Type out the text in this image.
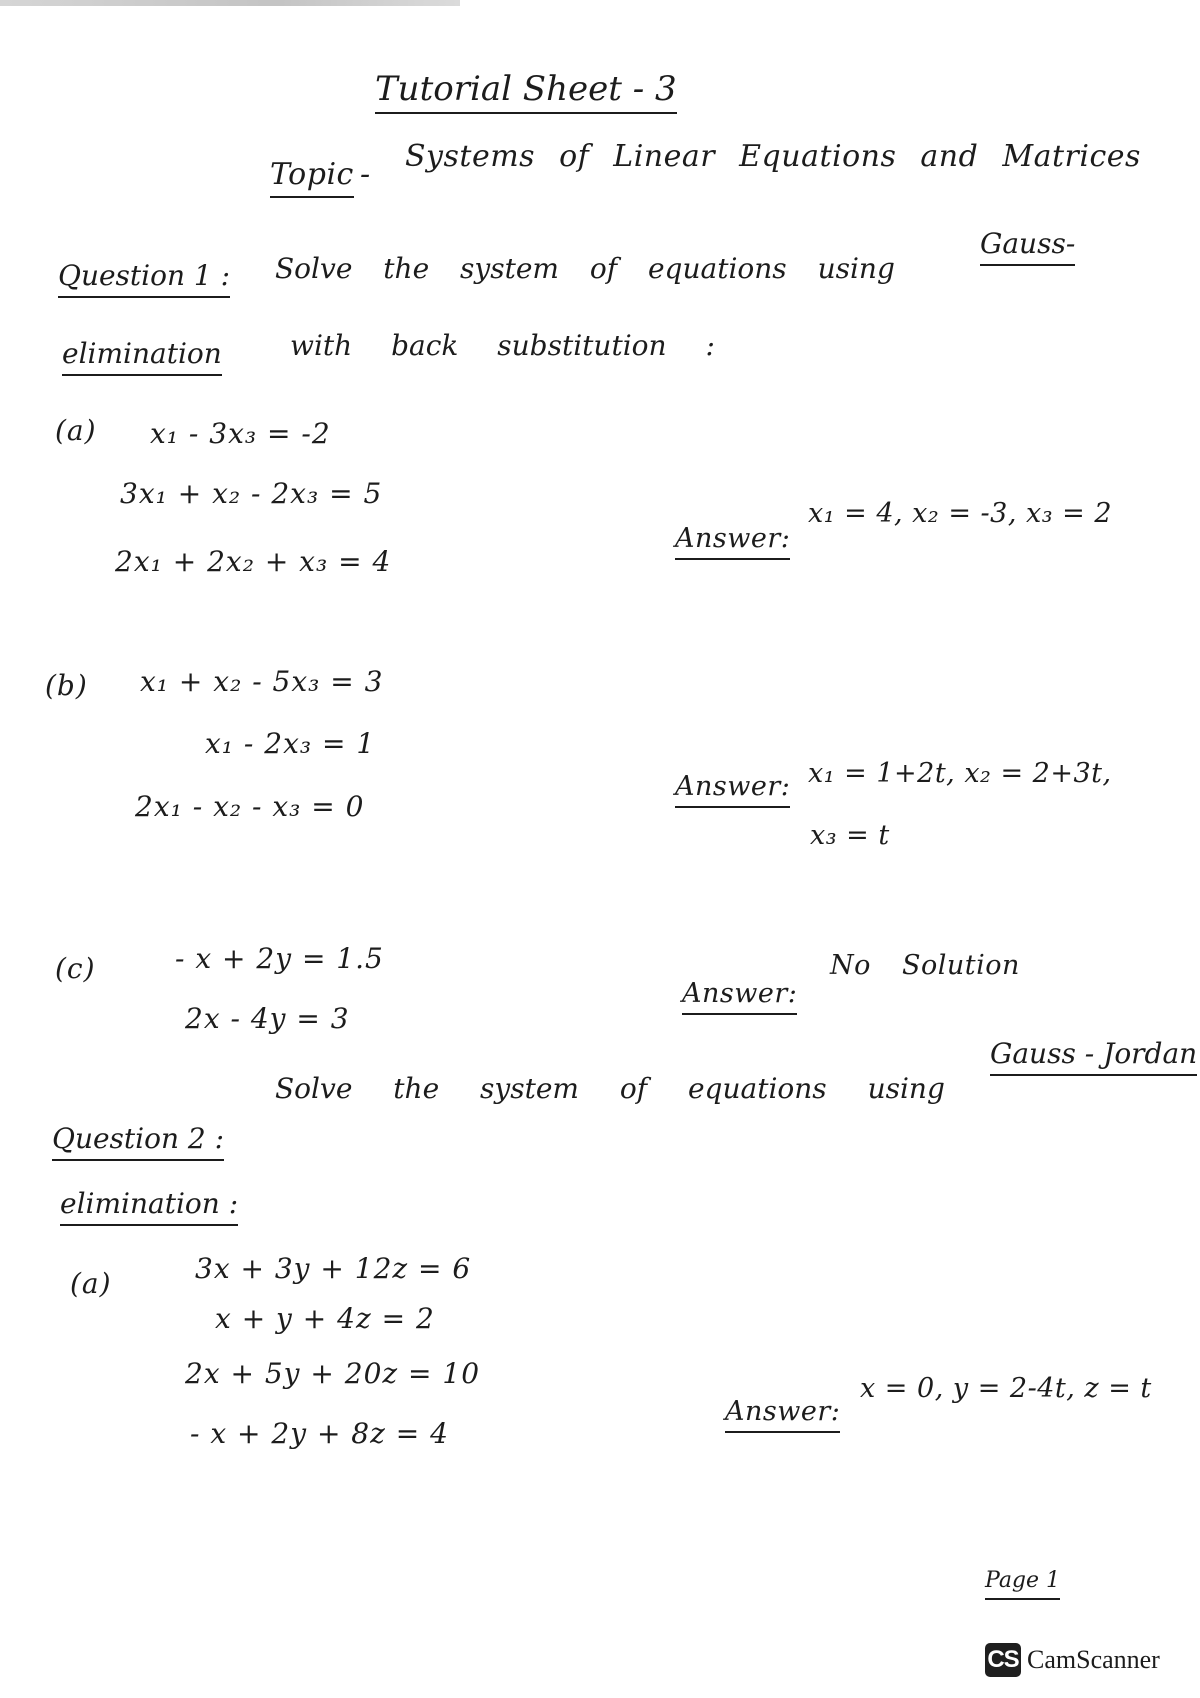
Tutorial Sheet - 3
Topic -
Systems of Linear Equations and Matrices
Question 1 : Solve the system of equations using
Gauss-
elimination with back substitution :
(a) x₁ - 3x₃ = -2
3x₁ + x₂ - 2x₃ = 5
2x₁ + 2x₂ + x₃ = 4
Answer:
x₁ = 4, x₂ = -3, x₃ = 2
(b) x₁ + x₂ - 5x₃ = 3
x₁ - 2x₃ = 1
2x₁ - x₂ - x₃ = 0
Answer: x₁ = 1+2t, x₂ = 2+3t,
x₃ = t
(c)	- x + 2y = 1.5
2x - 4y = 3
Answer:
No Solution
Solve the system of equations using
Gauss - Jordan
Question 2 :
elimination :
(a)	3x + 3y + 12z = 6
x + y + 4z = 2
2x + 5y + 20z = 10
- x + 2y + 8z = 4
Answer:
x = 0, y = 2-4t, z = t
Page 1
CS CamScanner
